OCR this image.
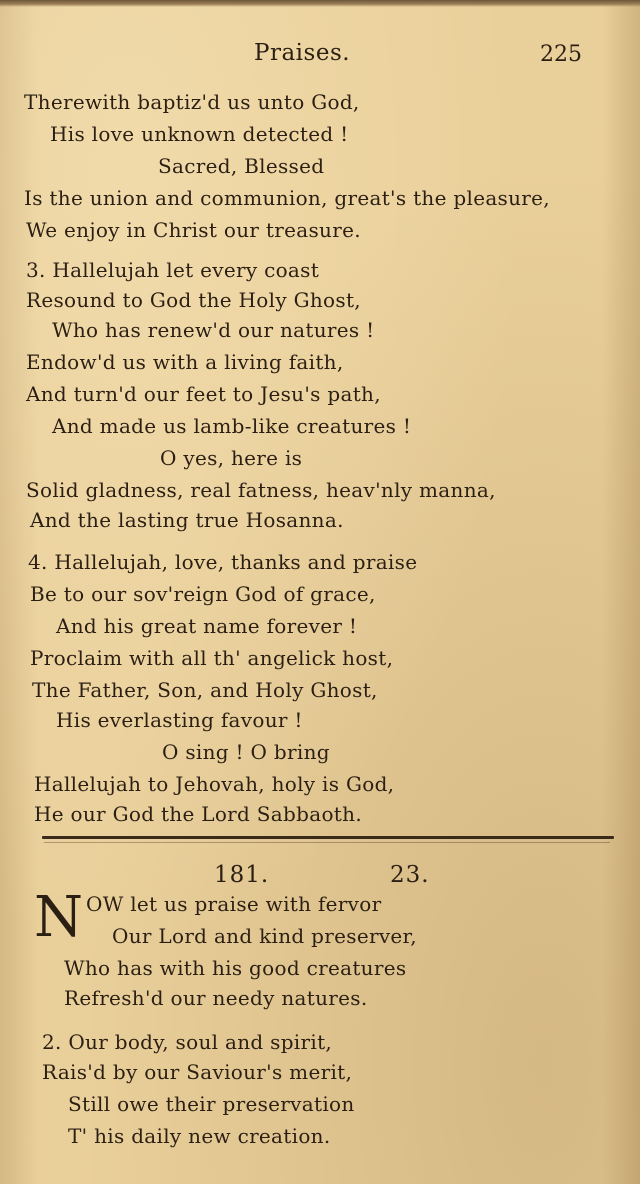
Praises.	225
Therewith baptiz'd us unto God,
His love unknown detected !
Sacred, Blessed
Is the union and communion, great's the pleasure,
We enjoy in Christ our treasure.
3. Hallelujah let every coast
Resound to God the Holy Ghost,
Who has renew'd our natures !
Endow'd us with a living faith,
And turn'd our feet to Jesu's path,
And made us lamb-like creatures !
O yes, here is
Solid gladness, real fatness, heav'nly manna,
And the lasting true Hosanna.
4. Hallelujah, love, thanks and praise
Be to our sov'reign God of grace,
And his great name forever !
Proclaim with all th' angelick host,
The Father, Son, and Holy Ghost,
His everlasting favour !
O sing ! O bring
Hallelujah to Jehovah, holy is God,
He our God the Lord Sabbaoth.
181.	23.
N OW let us praise with fervor
Our Lord and kind preserver,
Who has with his good creatures
Refresh'd our needy natures.
2. Our body, soul and spirit,
Rais'd by our Saviour's merit,
Still owe their preservation
T' his daily new creation.
